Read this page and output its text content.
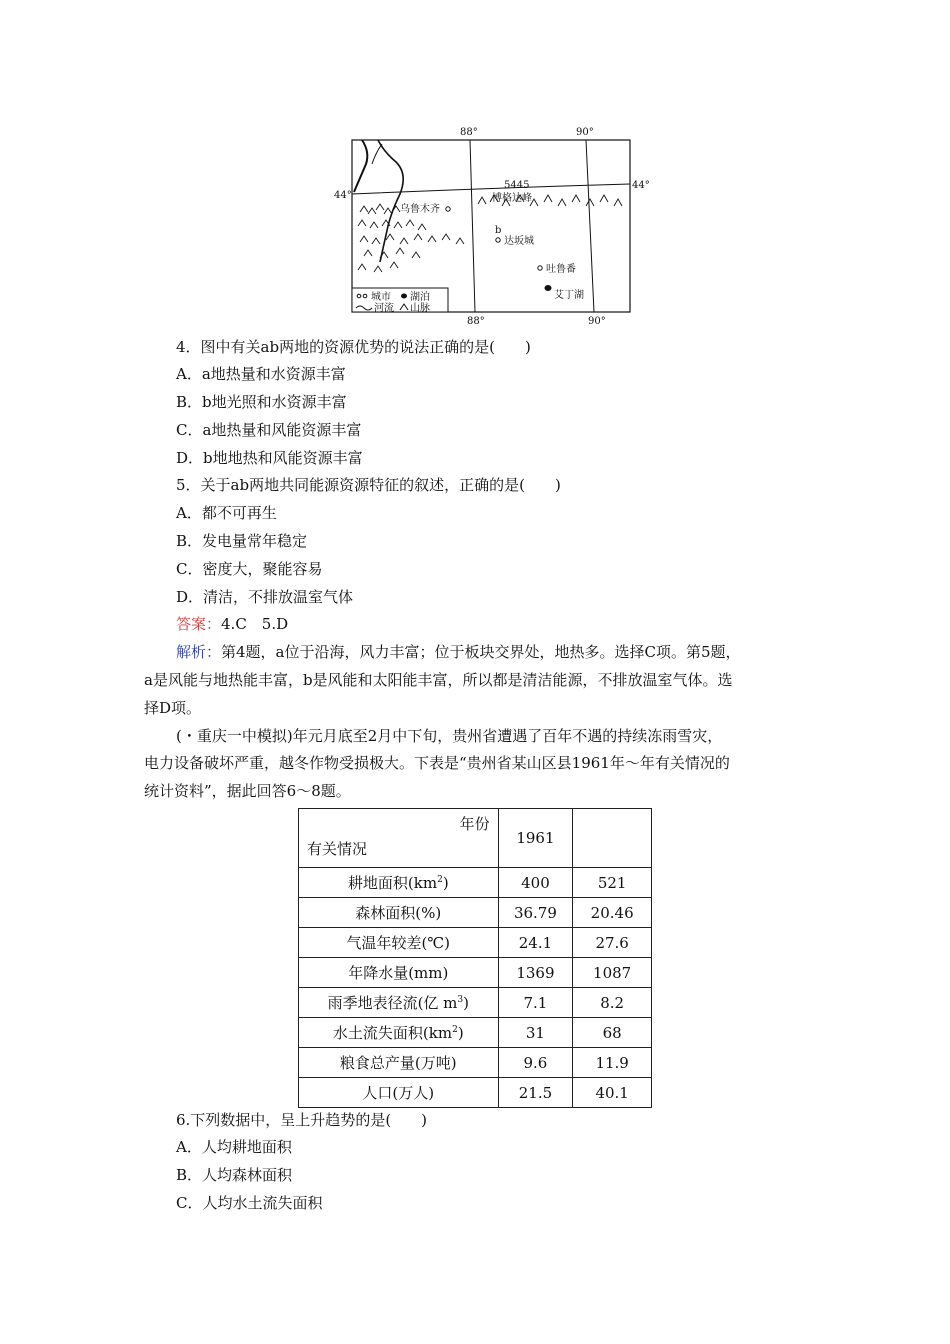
88°	90°
88°	90°
44°
44°
5445
博格达峰
乌鲁木齐
b
达坂城
吐鲁番
艾丁湖
城市 湖泊
河流 山脉
4．图中有关ab两地的资源优势的说法正确的是(　　)
A．a地热量和水资源丰富
B．b地光照和水资源丰富
C．a地热量和风能资源丰富
D．b地地热和风能资源丰富
5．关于ab两地共同能源资源特征的叙述，正确的是(　　)
A．都不可再生
B．发电量常年稳定
C．密度大，聚能容易
D．清洁，不排放温室气体
答案：4.C　5.D
解析：第4题，a位于沿海，风力丰富；位于板块交界处，地热多。选择C项。第5题，
a是风能与地热能丰富，b是风能和太阳能丰富，所以都是清洁能源，不排放温室气体。选
择D项。
(・重庆一中模拟)年元月底至2月中下旬，贵州省遭遇了百年不遇的持续冻雨雪灾，
电力设备破坏严重，越冬作物受损极大。下表是“贵州省某山区县1961年～年有关情况的
统计资料”，据此回答6～8题。
年份
有关情况	1961	
耕地面积$(km^2)$	400	521
森林面积(%)	36.79	20.46
气温年较差(℃)	24.1	27.6
年降水量(mm)	1369	1087
雨季地表径流(亿 $m^3$)	7.1	8.2
水土流失面积$(km^2)$	31	68
粮食总产量(万吨)	9.6	11.9
人口(万人)	21.5	40.1
6.下列数据中，呈上升趋势的是(　　)
A．人均耕地面积
B．人均森林面积
C．人均水土流失面积
